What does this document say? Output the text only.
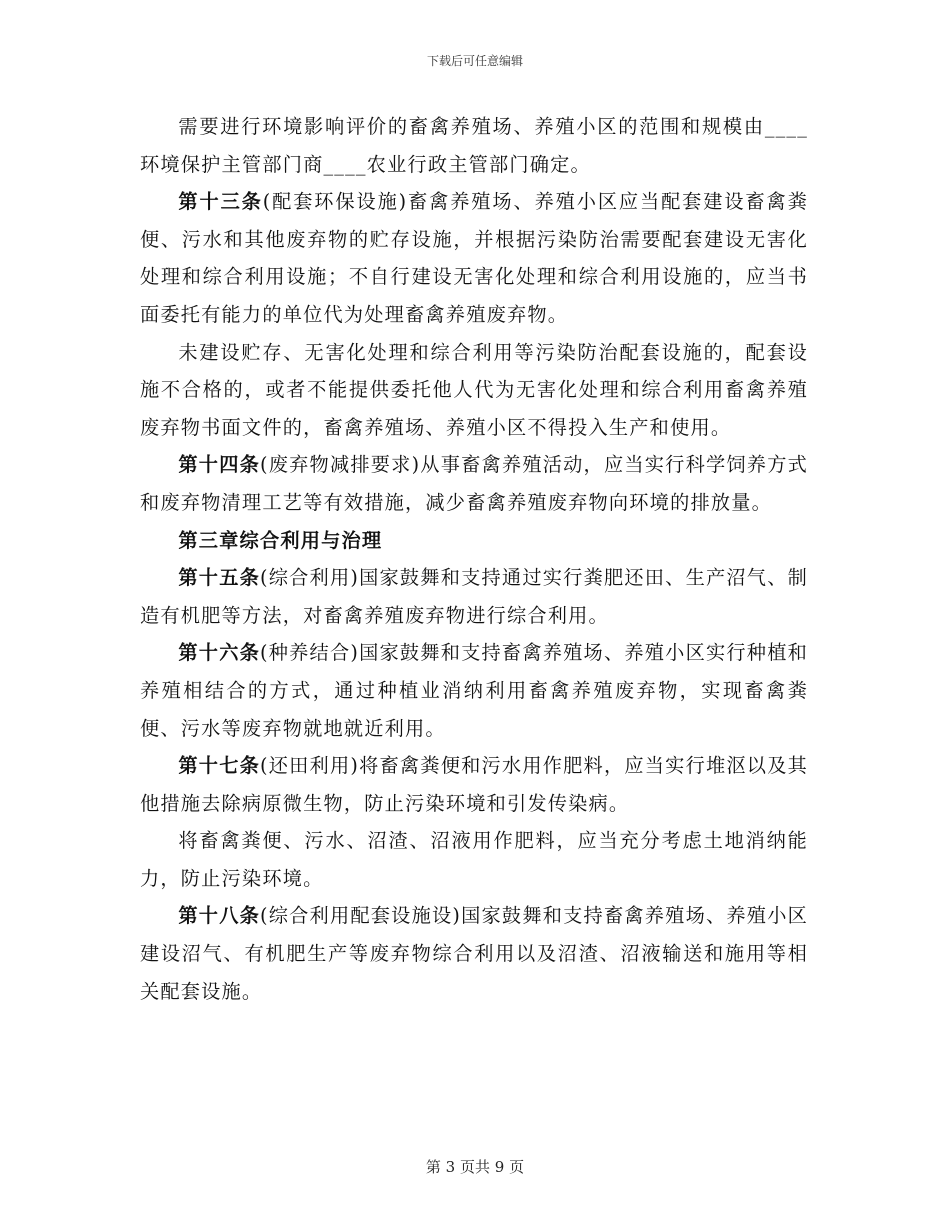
下载后可任意编辑

需要进行环境影响评价的畜禽养殖场、养殖小区的范围和规模由____环境保护主管部门商____农业行政主管部门确定。

第十三条(配套环保设施)畜禽养殖场、养殖小区应当配套建设畜禽粪便、污水和其他废弃物的贮存设施，并根据污染防治需要配套建设无害化处理和综合利用设施；不自行建设无害化处理和综合利用设施的，应当书面委托有能力的单位代为处理畜禽养殖废弃物。

未建设贮存、无害化处理和综合利用等污染防治配套设施的，配套设施不合格的，或者不能提供委托他人代为无害化处理和综合利用畜禽养殖废弃物书面文件的，畜禽养殖场、养殖小区不得投入生产和使用。

第十四条(废弃物减排要求)从事畜禽养殖活动，应当实行科学饲养方式和废弃物清理工艺等有效措施，减少畜禽养殖废弃物向环境的排放量。

第三章综合利用与治理

第十五条(综合利用)国家鼓舞和支持通过实行粪肥还田、生产沼气、制造有机肥等方法，对畜禽养殖废弃物进行综合利用。

第十六条(种养结合)国家鼓舞和支持畜禽养殖场、养殖小区实行种植和养殖相结合的方式，通过种植业消纳利用畜禽养殖废弃物，实现畜禽粪便、污水等废弃物就地就近利用。

第十七条(还田利用)将畜禽粪便和污水用作肥料，应当实行堆沤以及其他措施去除病原微生物，防止污染环境和引发传染病。

将畜禽粪便、污水、沼渣、沼液用作肥料，应当充分考虑土地消纳能力，防止污染环境。

第十八条(综合利用配套设施设)国家鼓舞和支持畜禽养殖场、养殖小区建设沼气、有机肥生产等废弃物综合利用以及沼渣、沼液输送和施用等相关配套设施。

第 3 页共 9 页
